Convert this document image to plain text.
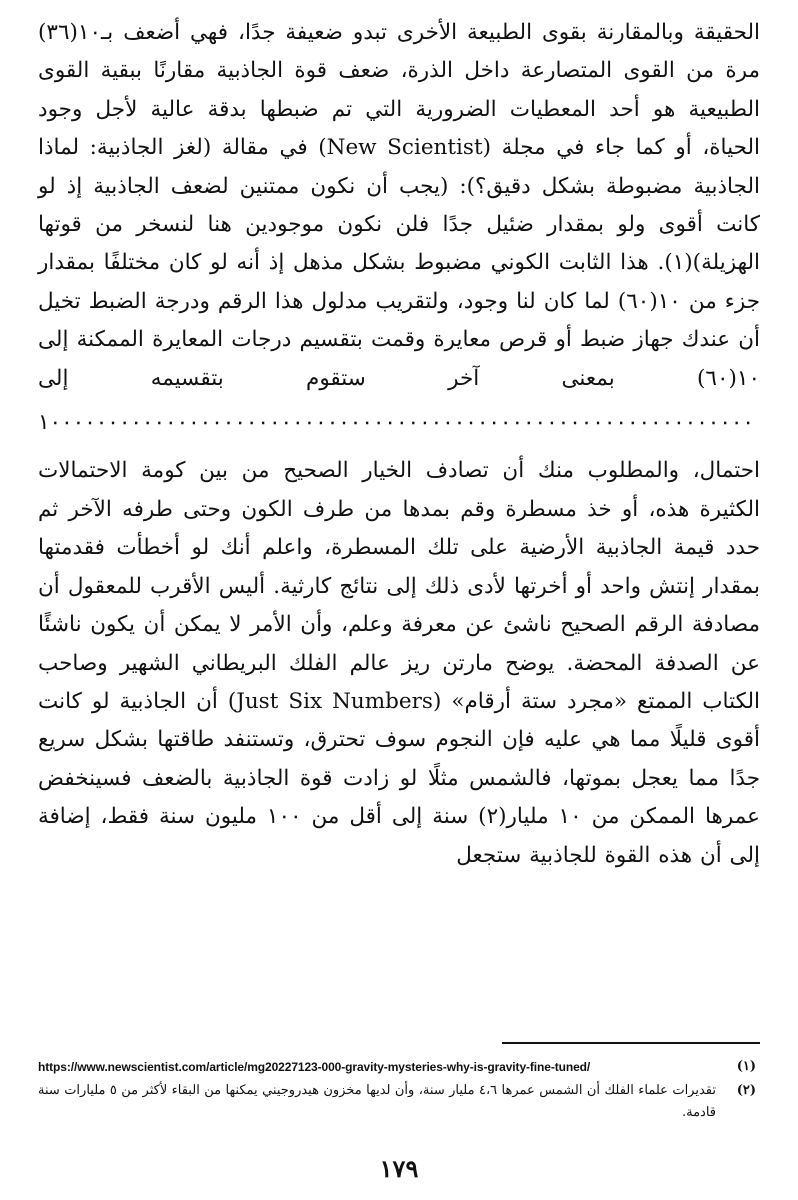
الحقيقة وبالمقارنة بقوى الطبيعة الأخرى تبدو ضعيفة جدًا، فهي أضعف بـ١٠(٣٦) مرة من القوى المتصارعة داخل الذرة، ضعف قوة الجاذبية مقارنًا ببقية القوى الطبيعية هو أحد المعطيات الضرورية التي تم ضبطها بدقة عالية لأجل وجود الحياة، أو كما جاء في مجلة (New Scientist) في مقالة (لغز الجاذبية: لماذا الجاذبية مضبوطة بشكل دقيق؟): (يجب أن نكون ممتنين لضعف الجاذبية إذ لو كانت أقوى ولو بمقدار ضئيل جدًا فلن نكون موجودين هنا لنسخر من قوتها الهزيلة)(١). هذا الثابت الكوني مضبوط بشكل مذهل إذ أنه لو كان مختلفًا بمقدار جزء من ١٠(٦٠) لما كان لنا وجود، ولتقريب مدلول هذا الرقم ودرجة الضبط تخيل أن عندك جهاز ضبط أو قرص معايرة وقمت بتقسيم درجات المعايرة الممكنة إلى ١٠(٦٠) بمعنى آخر ستقوم بتقسيمه إلى

١٠٠٠٠٠٠٠٠٠٠٠٠٠٠٠٠٠٠٠٠٠٠٠٠٠٠٠٠٠٠٠٠٠٠٠٠٠٠٠٠٠٠٠٠٠٠٠٠٠٠٠٠٠٠٠٠٠٠٠٠٠

احتمال، والمطلوب منك أن تصادف الخيار الصحيح من بين كومة الاحتمالات الكثيرة هذه، أو خذ مسطرة وقم بمدها من طرف الكون وحتى طرفه الآخر ثم حدد قيمة الجاذبية الأرضية على تلك المسطرة، واعلم أنك لو أخطأت فقدمتها بمقدار إنتش واحد أو أخرتها لأدى ذلك إلى نتائج كارثية. أليس الأقرب للمعقول أن مصادفة الرقم الصحيح ناشئ عن معرفة وعلم، وأن الأمر لا يمكن أن يكون ناشئًا عن الصدفة المحضة. يوضح مارتن ريز عالم الفلك البريطاني الشهير وصاحب الكتاب الممتع «مجرد ستة أرقام» (Just Six Numbers) أن الجاذبية لو كانت أقوى قليلًا مما هي عليه فإن النجوم سوف تحترق، وتستنفد طاقتها بشكل سريع جدًا مما يعجل بموتها، فالشمس مثلًا لو زادت قوة الجاذبية بالضعف فسينخفض عمرها الممكن من ١٠ مليار(٢) سنة إلى أقل من ١٠٠ مليون سنة فقط، إضافة إلى أن هذه القوة للجاذبية ستجعل

(١)
https://www.newscientist.com/article/mg20227123-000-gravity-mysteries-why-is-gravity-fine-tuned/
(٢)
تقديرات علماء الفلك أن الشمس عمرها ٤،٦ مليار سنة، وأن لديها مخزون هيدروجيني يمكنها من البقاء لأكثر من ٥ مليارات سنة قادمة.
١٧٩
